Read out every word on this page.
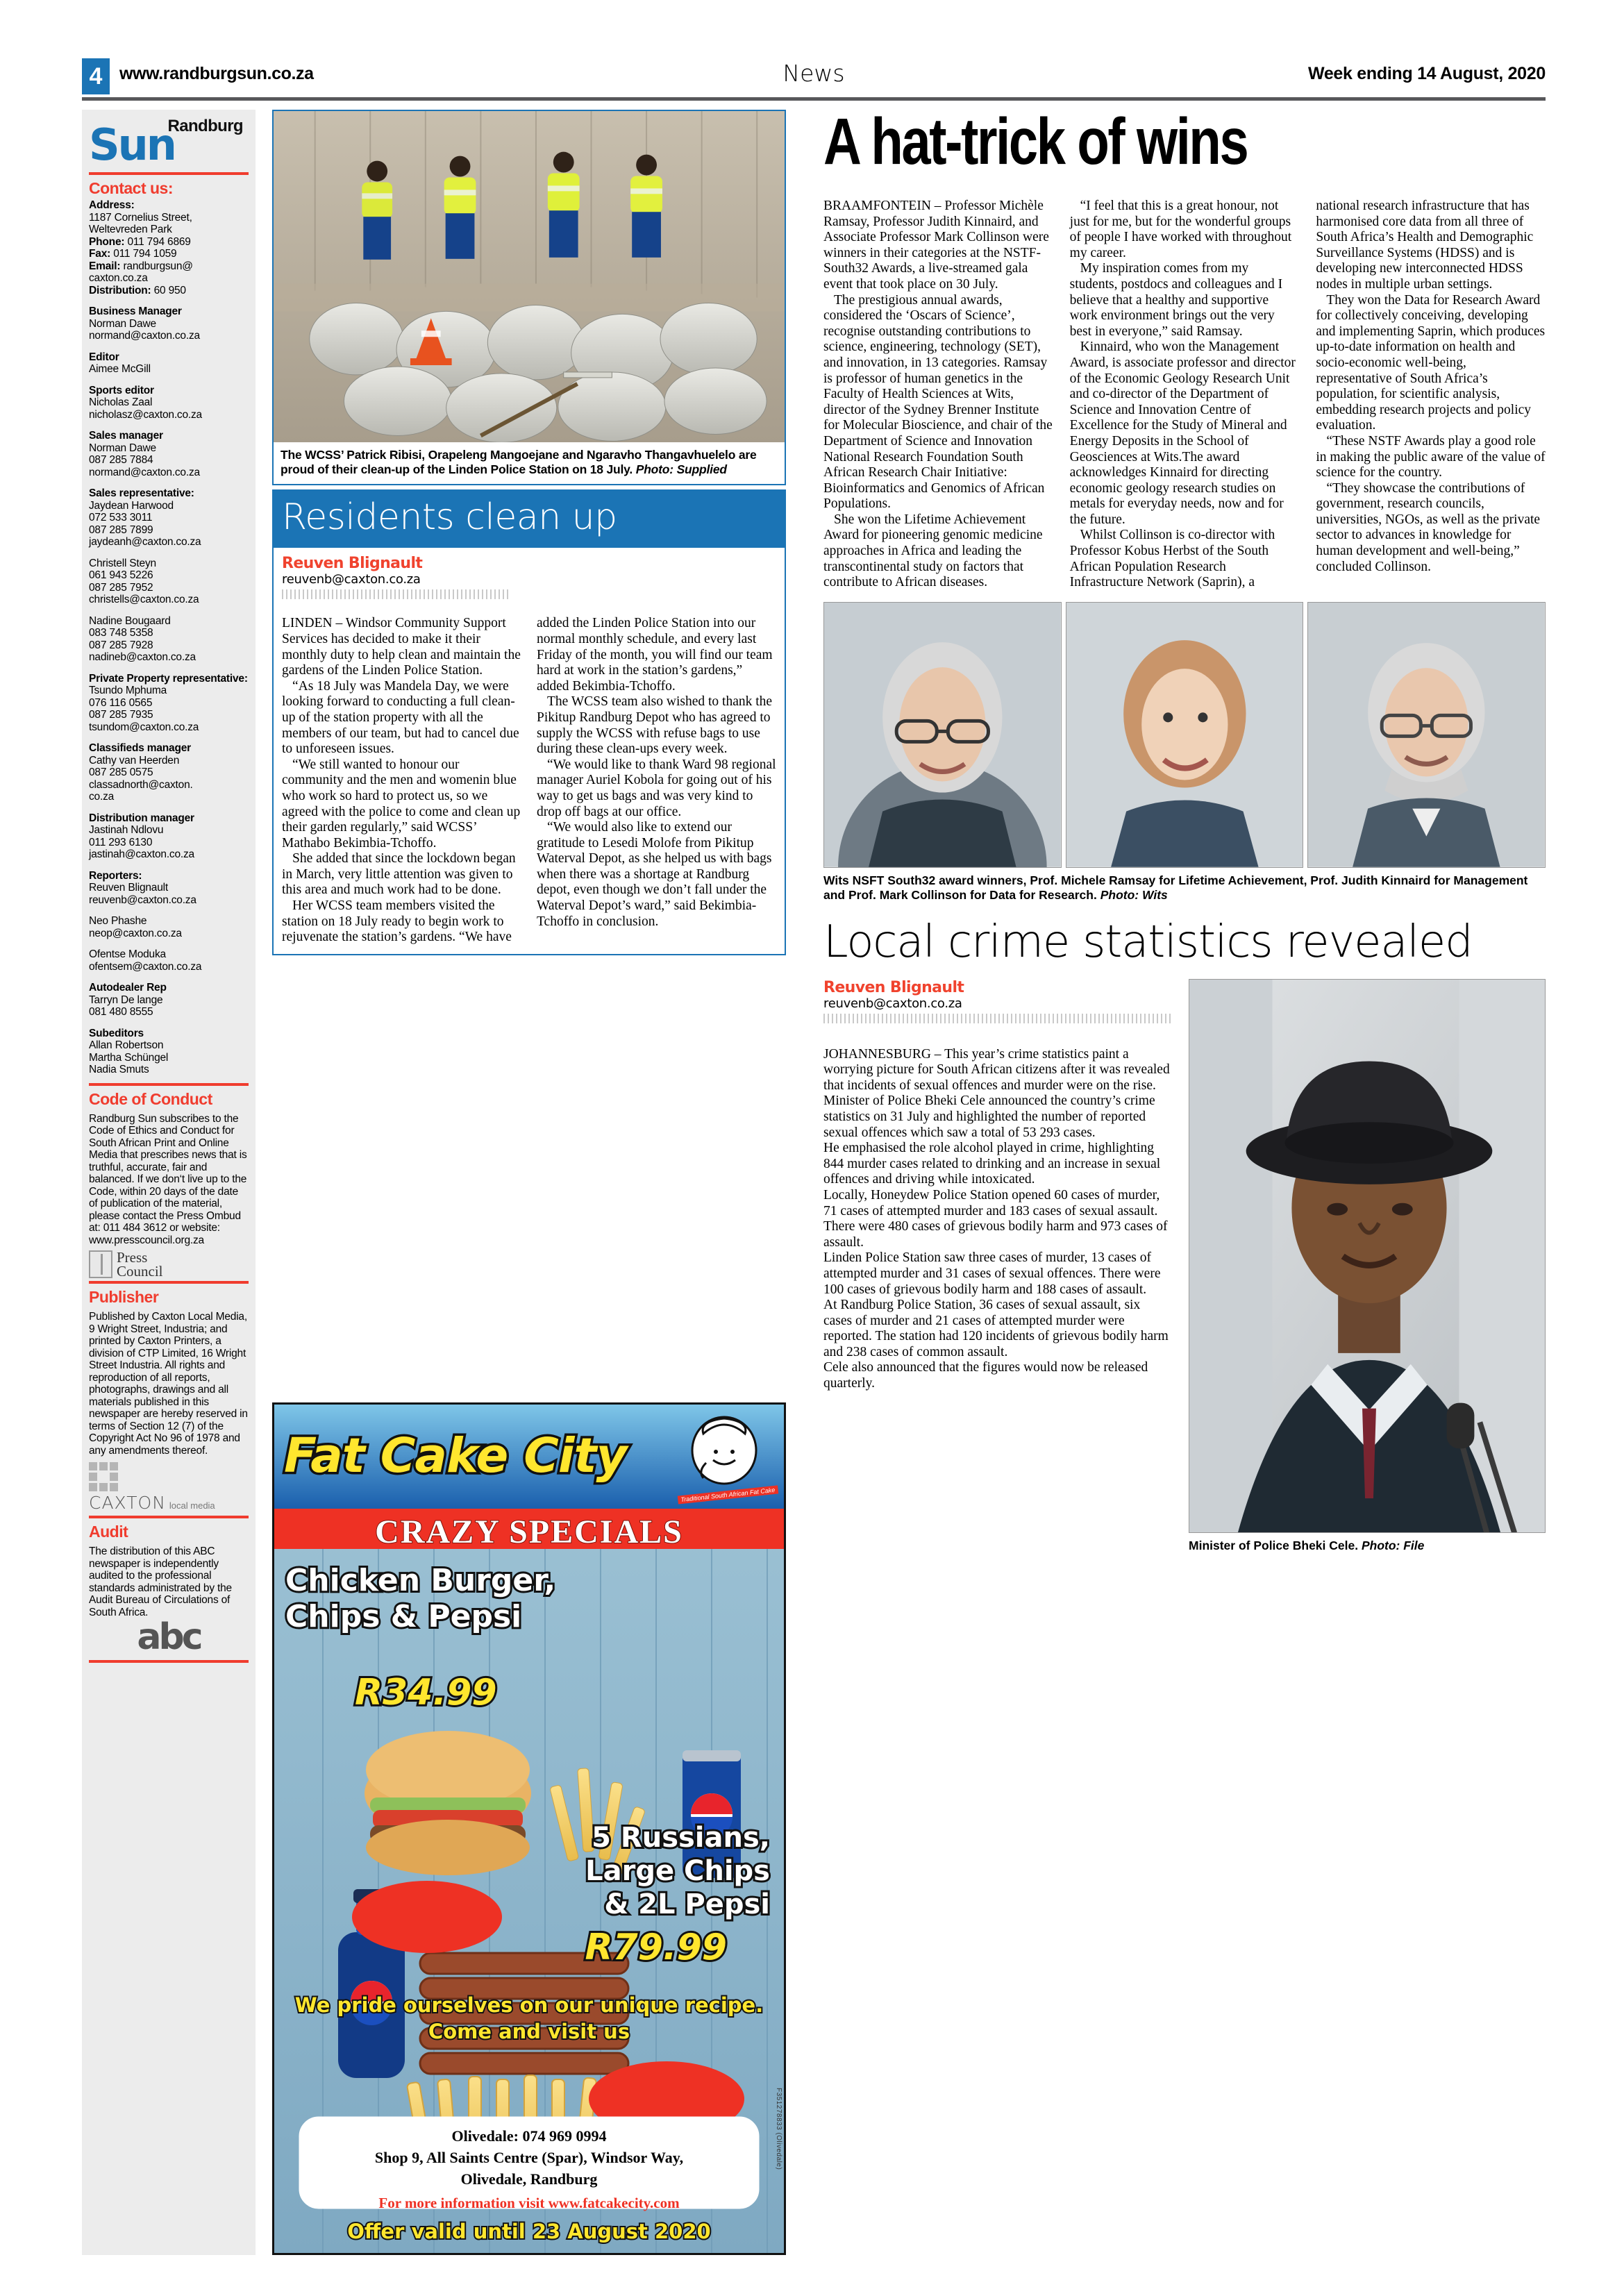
4 www.randburgsun.co.za	News	Week ending 14 August, 2020
Sun
Randburg
Contact us:

Address:
1187 Cornelius Street,
Weltevreden Park
Phone: 011 794 6869
Fax: 011 794 1059
Email: randburgsun@
caxton.co.za
Distribution: 60 950

Business Manager
Norman Dawe
normand@caxton.co.za

Editor
Aimee McGill

Sports editor
Nicholas Zaal
nicholasz@caxton.co.za

Sales manager
Norman Dawe
087 285 7884
normand@caxton.co.za

Sales representative:
Jaydean Harwood
072 533 3011
087 285 7899
jaydeanh@caxton.co.za

Christell Steyn
061 943 5226
087 285 7952
christells@caxton.co.za

Nadine Bougaard
083 748 5358
087 285 7928
nadineb@caxton.co.za

Private Property representative:
Tsundo Mphuma
076 116 0565
087 285 7935
tsundom@caxton.co.za

Classifieds manager
Cathy van Heerden
087 285 0575
classadnorth@caxton.
co.za

Distribution manager
Jastinah Ndlovu
011 293 6130
jastinah@caxton.co.za

Reporters:
Reuven Blignault
reuvenb@caxton.co.za

Neo Phashe
neop@caxton.co.za

Ofentse Moduka
ofentsem@caxton.co.za

Autodealer Rep
Tarryn De lange
081 480 8555

Subeditors
Allan Robertson
Martha Schüngel
Nadia Smuts

Code of Conduct

Randburg Sun subscribes to the Code of Ethics and Conduct for South African Print and Online Media that prescribes news that is truthful, accurate, fair and balanced. If we don‘t live up to the Code, within 20 days of the date of publication of the material, please contact the Press Ombud at: 011 484 3612 or website: www.presscouncil.org.za

Press
Council
Publisher

Published by Caxton Local Media, 9 Wright Street, Industria; and printed by Caxton Printers, a division of CTP Limited, 16 Wright Street Industria. All rights and reproduction of all reports, photographs, drawings and all materials published in this newspaper are hereby reserved in terms of Section 12 (7) of the Copyright Act No 96 of 1978 and any amendments thereof.

CAXTON local media
Audit

The distribution of this ABC newspaper is independently audited to the professional standards administrated by the Audit Bureau of Circulations of South Africa.

abc
The WCSS’ Patrick Ribisi, Orapeleng Mangoejane and Ngaravho Thangavhuelelo are proud of their clean-up of the Linden Police Station on 18 July. Photo: Supplied
Residents clean up
Reuven Blignault
reuvenb@caxton.co.za

LINDEN – Windsor Community Support Services has decided to make it their monthly duty to help clean and maintain the gardens of the Linden Police Station.

“As 18 July was Mandela Day, we were looking forward to conducting a full clean-up of the station property with all the members of our team, but had to cancel due to unforeseen issues.

“We still wanted to honour our community and the men and womenin blue who work so hard to protect us, so we agreed with the police to come and clean up their garden regularly,” said WCSS’ Mathabo Bekimbia-Tchoffo.

She added that since the lockdown began in March, very little attention was given to this area and much work had to be done.

Her WCSS team members visited the station on 18 July ready to begin work to rejuvenate the station’s gardens. “We have added the Linden Police Station into our normal monthly schedule, and every last Friday of the month, you will find our team hard at work in the station’s gardens,” added Bekimbia-Tchoffo.

The WCSS team also wished to thank the Pikitup Randburg Depot who has agreed to supply the WCSS with refuse bags to use during these clean-ups every week.

“We would like to thank Ward 98 regional manager Auriel Kobola for going out of his way to get us bags and was very kind to drop off bags at our office.

“We would also like to extend our gratitude to Lesedi Molofe from Pikitup Waterval Depot, as she helped us with bags when there was a shortage at Randburg depot, even though we don’t fall under the Waterval Depot’s ward,” said Bekimbia-Tchoffo in conclusion.

Fat Cake City
Traditional South African Fat Cake
CRAZY SPECIALS
Chicken Burger,
Chips & Pepsi
R34.99
5 Russians,
Large Chips
& 2L Pepsi
R79.99
We pride ourselves on our unique recipe.
Come and visit us
Olivedale: 074 969 0994
Shop 9, All Saints Centre (Spar), Windsor Way,
Olivedale, Randburg
For more information visit www.fatcakecity.com
Offer valid until 23 August 2020
F351278833 (Olivedale)
A hat-trick of wins

BRAAMFONTEIN – Professor Michèle Ramsay, Professor Judith Kinnaird, and Associate Professor Mark Collinson were winners in their categories at the NSTF-South32 Awards, a live-streamed gala event that took place on 30 July.

The prestigious annual awards, considered the ‘Oscars of Science’, recognise outstanding contributions to science, engineering, technology (SET), and innovation, in 13 categories. Ramsay is professor of human genetics in the Faculty of Health Sciences at Wits, director of the Sydney Brenner Institute for Molecular Bioscience, and chair of the Department of Science and Innovation National Research Foundation South African Research Chair Initiative: Bioinformatics and Genomics of African Populations.

She won the Lifetime Achievement Award for pioneering genomic medicine approaches in Africa and leading the transcontinental study on factors that contribute to African diseases.

“I feel that this is a great honour, not just for me, but for the wonderful groups of people I have worked with throughout my career.

My inspiration comes from my students, postdocs and colleagues and I believe that a healthy and supportive work environment brings out the very best in everyone,” said Ramsay.

Kinnaird, who won the Management Award, is associate professor and director of the Economic Geology Research Unit and co-director of the Department of Science and Innovation Centre of Excellence for the Study of Mineral and Energy Deposits in the School of Geosciences at Wits.The award acknowledges Kinnaird for directing economic geology research studies on metals for everyday needs, now and for the future.

Whilst Collinson is co-director with Professor Kobus Herbst of the South African Population Research Infrastructure Network (Saprin), a national research infrastructure that has harmonised core data from all three of South Africa’s Health and Demographic Surveillance Systems (HDSS) and is developing new interconnected HDSS nodes in multiple urban settings.

They won the Data for Research Award for collectively conceiving, developing and implementing Saprin, which produces up-to-date information on health and socio-economic well-being, representative of South Africa’s population, for scientific analysis, embedding research projects and policy evaluation.

“These NSTF Awards play a good role in making the public aware of the value of science for the country.

“They showcase the contributions of government, research councils, universities, NGOs, as well as the private sector to advances in knowledge for human development and well-being,” concluded Collinson.

Wits NSFT South32 award winners, Prof. Michele Ramsay for Lifetime Achievement, Prof. Judith Kinnaird for Management and Prof. Mark Collinson for Data for Research. Photo: Wits
Local crime statistics revealed
Reuven Blignault
reuvenb@caxton.co.za

JOHANNESBURG – This year’s crime statistics paint a worrying picture for South African citizens after it was revealed that incidents of sexual offences and murder were on the rise.

Minister of Police Bheki Cele announced the country’s crime statistics on 31 July and highlighted the number of reported sexual offences which saw a total of 53 293 cases.

He emphasised the role alcohol played in crime, highlighting 844 murder cases related to drinking and an increase in sexual offences and driving while intoxicated.

Locally, Honeydew Police Station opened 60 cases of murder, 71 cases of attempted murder and 183 cases of sexual assault. There were 480 cases of grievous bodily harm and 973 cases of assault.

Linden Police Station saw three cases of murder, 13 cases of attempted murder and 31 cases of sexual offences. There were 100 cases of grievous bodily harm and 188 cases of assault.

At Randburg Police Station, 36 cases of sexual assault, six cases of murder and 21 cases of attempted murder were reported. The station had 120 incidents of grievous bodily harm and 238 cases of common assault.

Cele also announced that the figures would now be released quarterly.

Minister of Police Bheki Cele. Photo: File
